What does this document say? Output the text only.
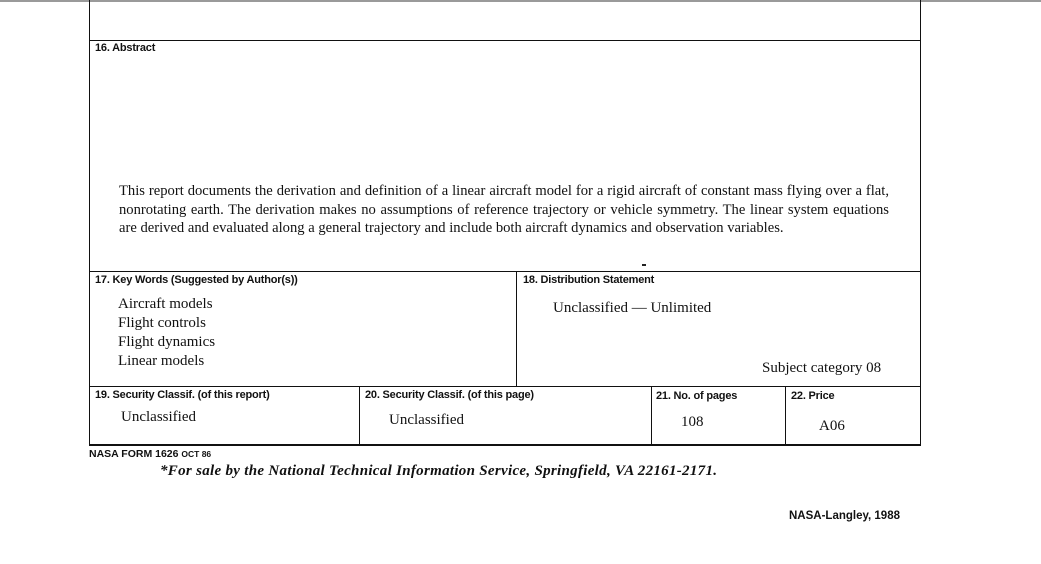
16. Abstract
This report documents the derivation and definition of a linear aircraft model for a rigid aircraft of constant mass flying over a flat, nonrotating earth. The derivation makes no assumptions of reference trajectory or vehicle symmetry. The linear system equations are derived and evaluated along a general trajectory and include both aircraft dynamics and observation variables.
17. Key Words (Suggested by Author(s))
Aircraft models
Flight controls
Flight dynamics
Linear models
18. Distribution Statement
Unclassified — Unlimited
Subject category 08
19. Security Classif. (of this report)
Unclassified
20. Security Classif. (of this page)
Unclassified
21. No. of pages
108
22. Price
A06
NASA FORM 1626 OCT 86
*For sale by the National Technical Information Service, Springfield, VA 22161-2171.
NASA-Langley, 1988
